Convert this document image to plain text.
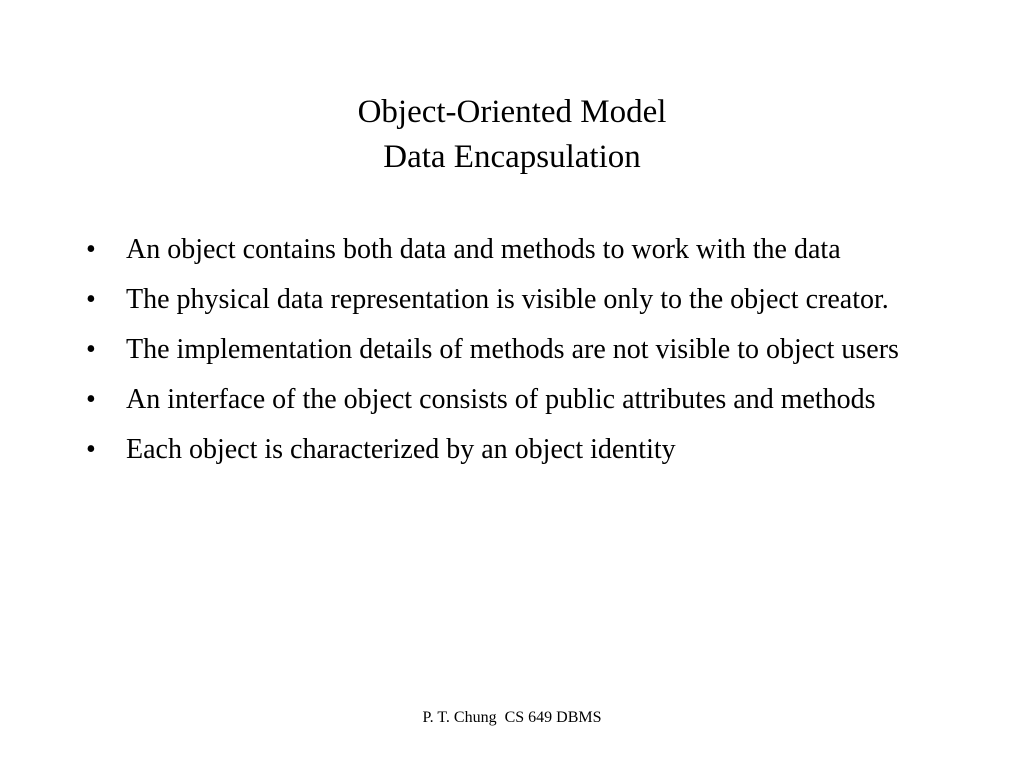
Object-Oriented Model
Data Encapsulation
•	An object contains both data and methods to work with the data
•	The physical data representation is visible only to the object creator.
•	The implementation details of methods are not visible to object users
•	An interface of the object consists of public attributes and methods
•	Each object is characterized by an object identity
P. T. Chung  CS 649 DBMS
